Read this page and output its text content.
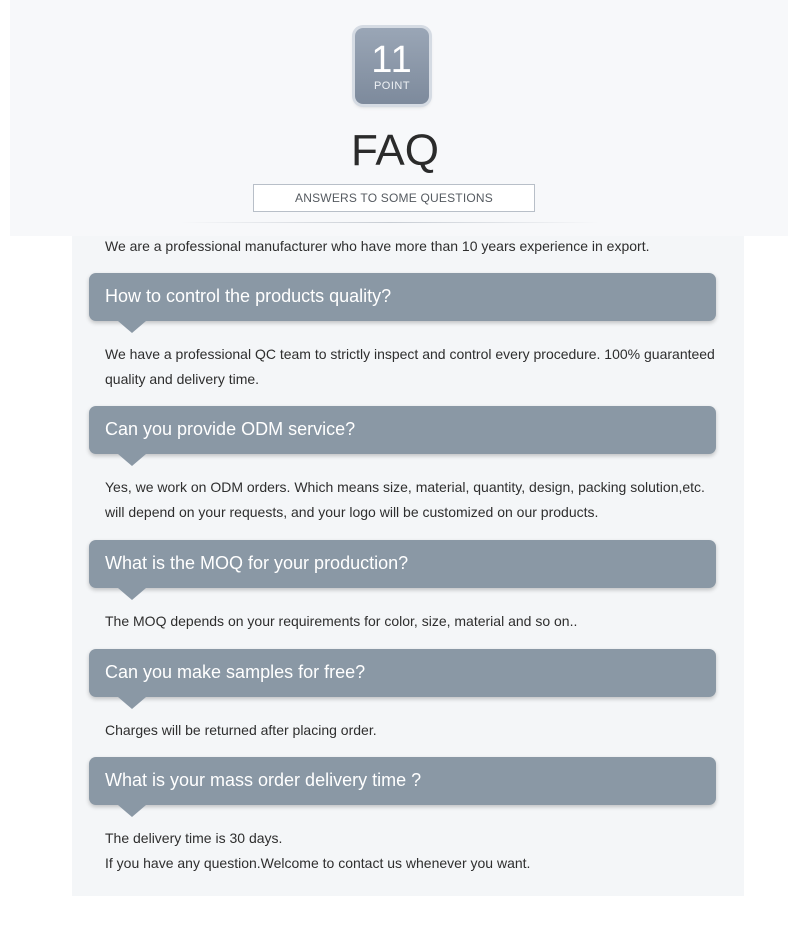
11
POINT
FAQ
ANSWERS TO SOME QUESTIONS

We are a professional manufacturer who have more than 10 years experience in export.

How to control the products quality?

We have a professional QC team to strictly inspect and control every procedure. 100% guaranteed

quality and delivery time.

Can you provide ODM service?

Yes, we work on ODM orders. Which means size, material, quantity, design, packing solution,etc.

will depend on your requests, and your logo will be customized on our products.

What is the MOQ for your production?

The MOQ depends on your requirements for color, size, material and so on..

Can you make samples for free?

Charges will be returned after placing order.

What is your mass order delivery time ?

The delivery time is 30 days.

If you have any question.Welcome to contact us whenever you want.
